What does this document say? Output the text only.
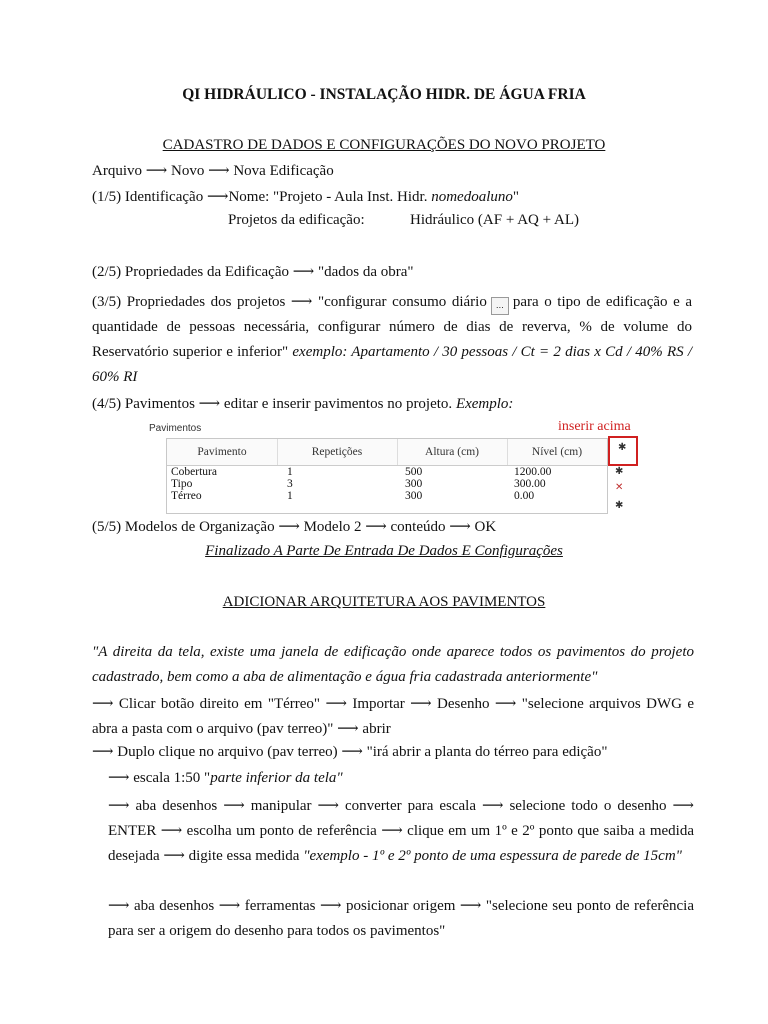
QI HIDRÁULICO - INSTALAÇÃO HIDR. DE ÁGUA FRIA
CADASTRO DE DADOS E CONFIGURAÇÕES DO NOVO PROJETO
Arquivo ⟶ Novo ⟶ Nova Edificação
(1/5) Identificação ⟶Nome: "Projeto - Aula Inst. Hidr. nomedoaluno"
Projetos da edificação:	Hidráulico (AF + AQ + AL)
(2/5) Propriedades da Edificação ⟶ "dados da obra"
(3/5) Propriedades dos projetos ⟶ "configurar consumo diário … para o tipo de edificação e a quantidade de pessoas necessária, configurar número de dias de reverva, % de volume do Reservatório superior e inferior" exemplo: Apartamento / 30 pessoas / Ct = 2 dias x Cd / 40% RS / 60% RI
(4/5) Pavimentos ⟶ editar e inserir pavimentos no projeto. Exemplo:
Pavimentos
Pavimento	Repetições	Altura (cm)	Nível (cm)
Cobertura	1	500	1200.00
Tipo	3	300	300.00
Térreo	1	300	0.00
inserir acima
✱
✱
✕
✱
(5/5) Modelos de Organização ⟶ Modelo 2 ⟶ conteúdo ⟶ OK
Finalizado A Parte De Entrada De Dados E Configurações
ADICIONAR ARQUITETURA AOS PAVIMENTOS
"A direita da tela, existe uma janela de edificação onde aparece todos os pavimentos do projeto cadastrado, bem como a aba de alimentação e água fria cadastrada anteriormente"
⟶ Clicar botão direito em "Térreo" ⟶ Importar ⟶ Desenho ⟶ "selecione arquivos DWG e abra a pasta com o arquivo (pav terreo)" ⟶ abrir
⟶ Duplo clique no arquivo (pav terreo) ⟶ "irá abrir a planta do térreo para edição"
⟶ escala 1:50 "parte inferior da tela"
⟶ aba desenhos ⟶ manipular ⟶ converter para escala ⟶ selecione todo o desenho ⟶ ENTER ⟶ escolha um ponto de referência ⟶ clique em um 1º e 2º ponto que saiba a medida desejada ⟶ digite essa medida "exemplo - 1º e 2º ponto de uma espessura de parede de 15cm"
⟶ aba desenhos ⟶ ferramentas ⟶ posicionar origem ⟶ "selecione seu ponto de referência para ser a origem do desenho para todos os pavimentos"
